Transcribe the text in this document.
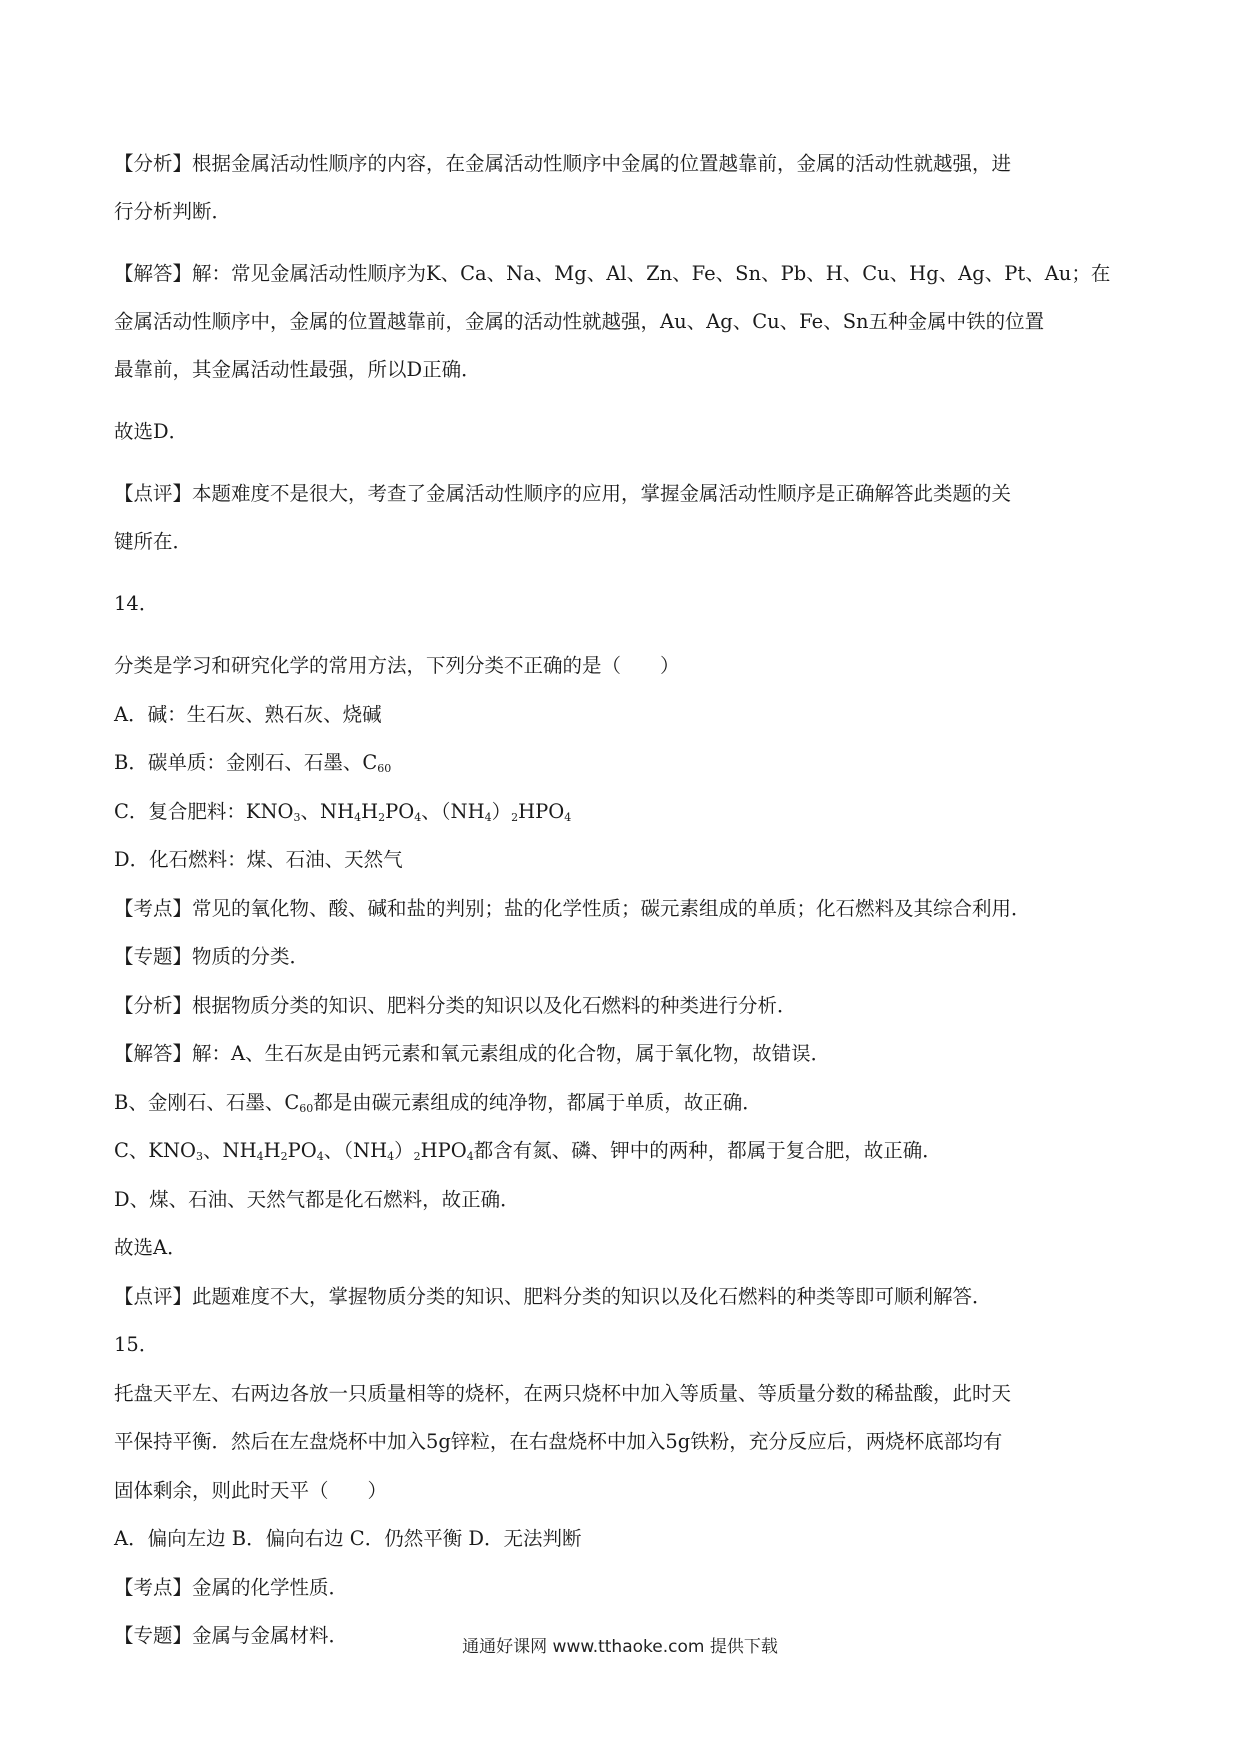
【分析】根据金属活动性顺序的内容，在金属活动性顺序中金属的位置越靠前，金属的活动性就越强，进

行分析判断．

【解答】解：常见金属活动性顺序为K、Ca、Na、Mg、Al、Zn、Fe、Sn、Pb、H、Cu、Hg、Ag、Pt、Au；在

金属活动性顺序中，金属的位置越靠前，金属的活动性就越强，Au、Ag、Cu、Fe、Sn五种金属中铁的位置

最靠前，其金属活动性最强，所以D正确．

故选D．

【点评】本题难度不是很大，考查了金属活动性顺序的应用，掌握金属活动性顺序是正确解答此类题的关

键所在．

14．

分类是学习和研究化学的常用方法，下列分类不正确的是（　　）

A．碱：生石灰、熟石灰、烧碱

B．碳单质：金刚石、石墨、$C_{60}$

C．复合肥料：$KNO_3$、$NH_4H_2PO_4$、$(NH_4)_2HPO_4$

D．化石燃料：煤、石油、天然气

【考点】常见的氧化物、酸、碱和盐的判别；盐的化学性质；碳元素组成的单质；化石燃料及其综合利用．

【专题】物质的分类．

【分析】根据物质分类的知识、肥料分类的知识以及化石燃料的种类进行分析．

【解答】解：A、生石灰是由钙元素和氧元素组成的化合物，属于氧化物，故错误．

B、金刚石、石墨、$C_{60}$都是由碳元素组成的纯净物，都属于单质，故正确．

C、$KNO_3$、$NH_4H_2PO_4$、$(NH_4)_2HPO_4$都含有氮、磷、钾中的两种，都属于复合肥，故正确．

D、煤、石油、天然气都是化石燃料，故正确．

故选A．

【点评】此题难度不大，掌握物质分类的知识、肥料分类的知识以及化石燃料的种类等即可顺利解答．

15．

托盘天平左、右两边各放一只质量相等的烧杯，在两只烧杯中加入等质量、等质量分数的稀盐酸，此时天

平保持平衡．然后在左盘烧杯中加入5g锌粒，在右盘烧杯中加入5g铁粉，充分反应后，两烧杯底部均有

固体剩余，则此时天平（　　）

A．偏向左边 B．偏向右边 C．仍然平衡 D．无法判断

【考点】金属的化学性质．

【专题】金属与金属材料．	通通好课网 www.tthaoke.com 提供下载
